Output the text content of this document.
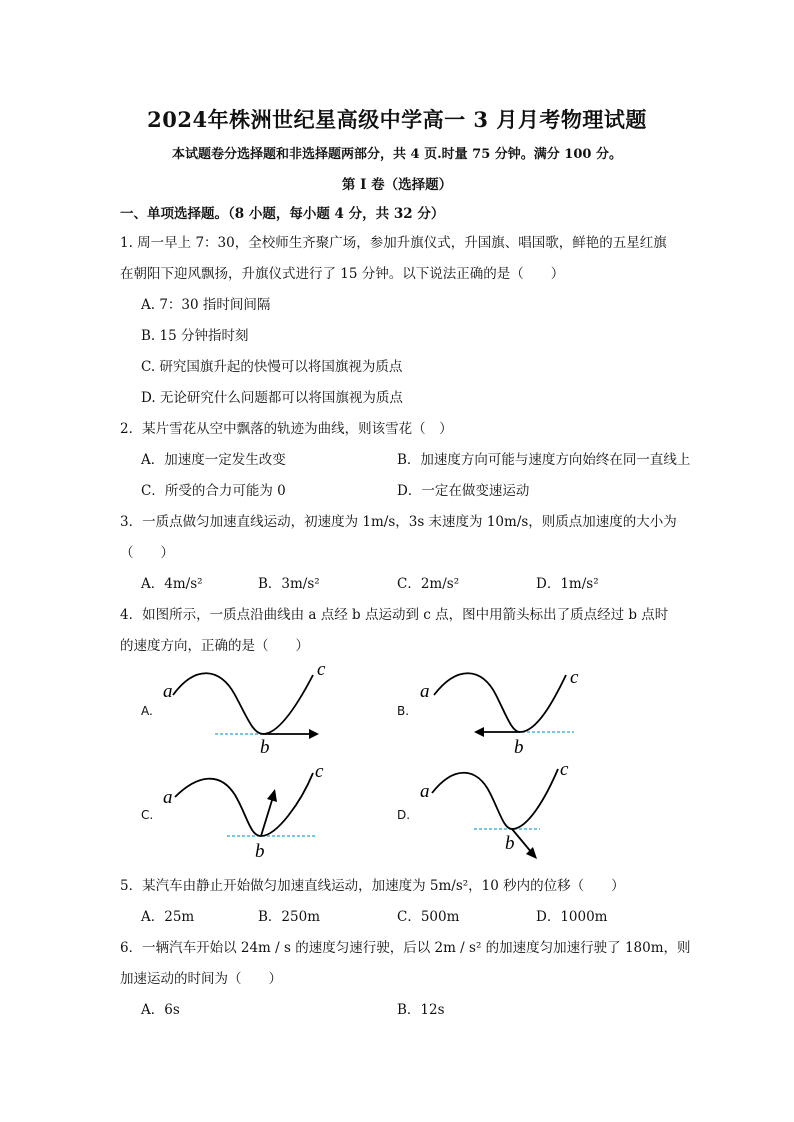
2024年株洲世纪星高级中学高一 3 月月考物理试题
本试题卷分选择题和非选择题两部分，共 4 页.时量 75 分钟。满分 100 分。
第 I 卷（选择题）
一、单项选择题。（8 小题，每小题 4 分，共 32 分）
1. 周一早上 7：30，全校师生齐聚广场，参加升旗仪式，升国旗、唱国歌，鲜艳的五星红旗
在朝阳下迎风飘扬，升旗仪式进行了 15 分钟。以下说法正确的是（　　）
A. 7：30 指时间间隔
B. 15 分钟指时刻
C. 研究国旗升起的快慢可以将国旗视为质点
D. 无论研究什么问题都可以将国旗视为质点
2．某片雪花从空中飘落的轨迹为曲线，则该雪花（　）
A．加速度一定发生改变	B．加速度方向可能与速度方向始终在同一直线上
C．所受的合力可能为 0	D．一定在做变速运动
3．一质点做匀加速直线运动，初速度为 1m/s，3s 末速度为 10m/s，则质点加速度的大小为
（　　）
A．4m/s²	B．3m/s²	C．2m/s²	D．1m/s²
4．如图所示，一质点沿曲线由 a 点经 b 点运动到 c 点，图中用箭头标出了质点经过 b 点时
的速度方向，正确的是（　　）
A.
a
b
c
B.
a
b
c
C.
a
b
c
D.
a
b
c
5．某汽车由静止开始做匀加速直线运动，加速度为 5m/s²，10 秒内的位移（　　）
A．25m	B．250m	C．500m	D．1000m
6．一辆汽车开始以 24m / s 的速度匀速行驶，后以 2m / s² 的加速度匀加速行驶了 180m，则
加速运动的时间为（　　）
A．6s	B．12s
